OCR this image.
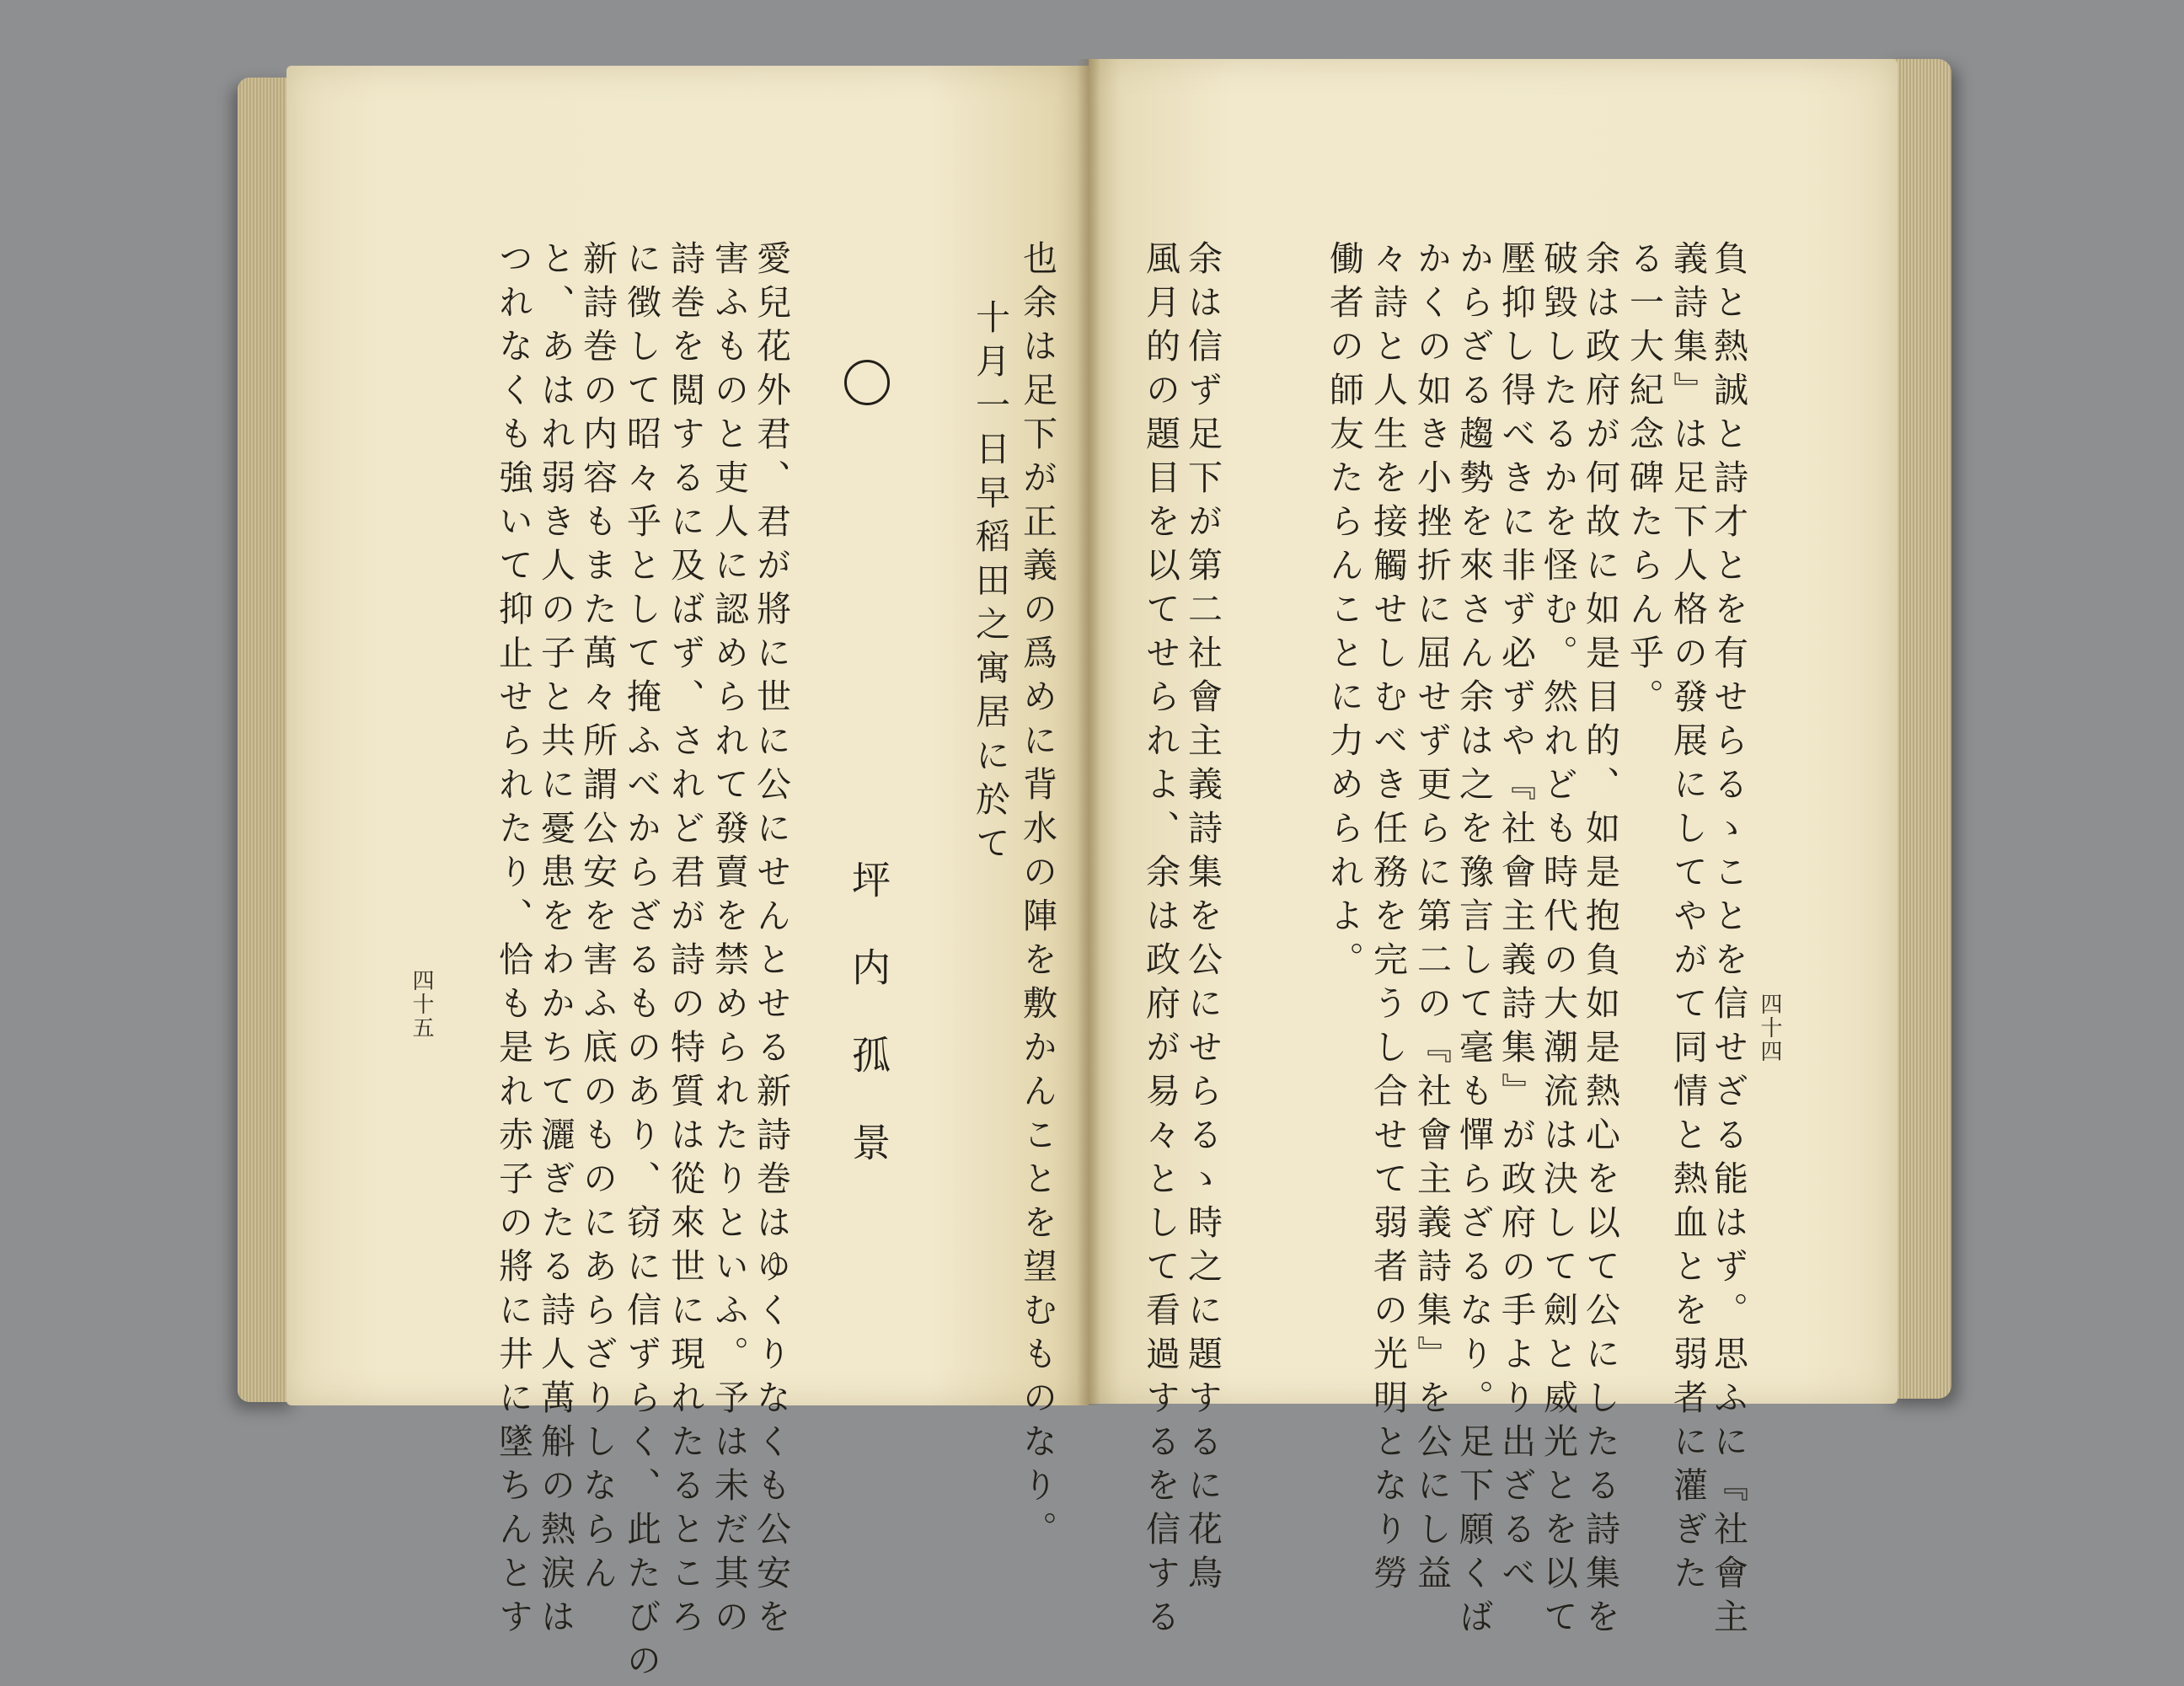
四十四
負と熱誠と詩才とを有せらるゝことを信せざる能はず。思ふに『社會主
義詩集』は足下人格の發展にしてやがて同情と熱血とを弱者に灌ぎた
る一大紀念碑たらん乎。
余は政府が何故に如是目的、如是抱負如是熱心を以て公にしたる詩集を
破毀したるかを怪む。然れども時代の大潮流は決して劍と威光とを以て
壓抑し得べきに非ず必ずや『社會主義詩集』が政府の手より出ざるべ
からざる趨勢を來さん余は之を豫言して毫も憚らざるなり。足下願くば
かくの如き小挫折に屈せず更らに第二の『社會主義詩集』を公にし益
々詩と人生を接觸せしむべき任務を完うし合せて弱者の光明となり勞
働者の師友たらんことに力められよ。
余は信ず足下が第二社會主義詩集を公にせらるゝ時之に題するに花鳥
風月的の題目を以てせられよ、余は政府が易々として看過するを信する
也余は足下が正義の爲めに背水の陣を敷かんことを望むものなり。
十月一日早稻田之寓居に於て
坪内孤景
愛兒花外君、君が將に世に公にせんとせる新詩巻はゆくりなくも公安を
害ふものと吏人に認められて發賣を禁められたりといふ。予は未だ其の
詩巻を閲するに及ばず、されど君が詩の特質は從來世に現れたるところ
に徴して昭々乎として掩ふべからざるものあり、窃に信ずらく、此たびの
新詩巻の内容もまた萬々所謂公安を害ふ底のものにあらざりしならん
と、あはれ弱き人の子と共に憂患をわかちて灑ぎたる詩人萬斛の熱涙は
つれなくも強いて抑止せられたり、恰も是れ赤子の將に井に墜ちんとす
四十五
